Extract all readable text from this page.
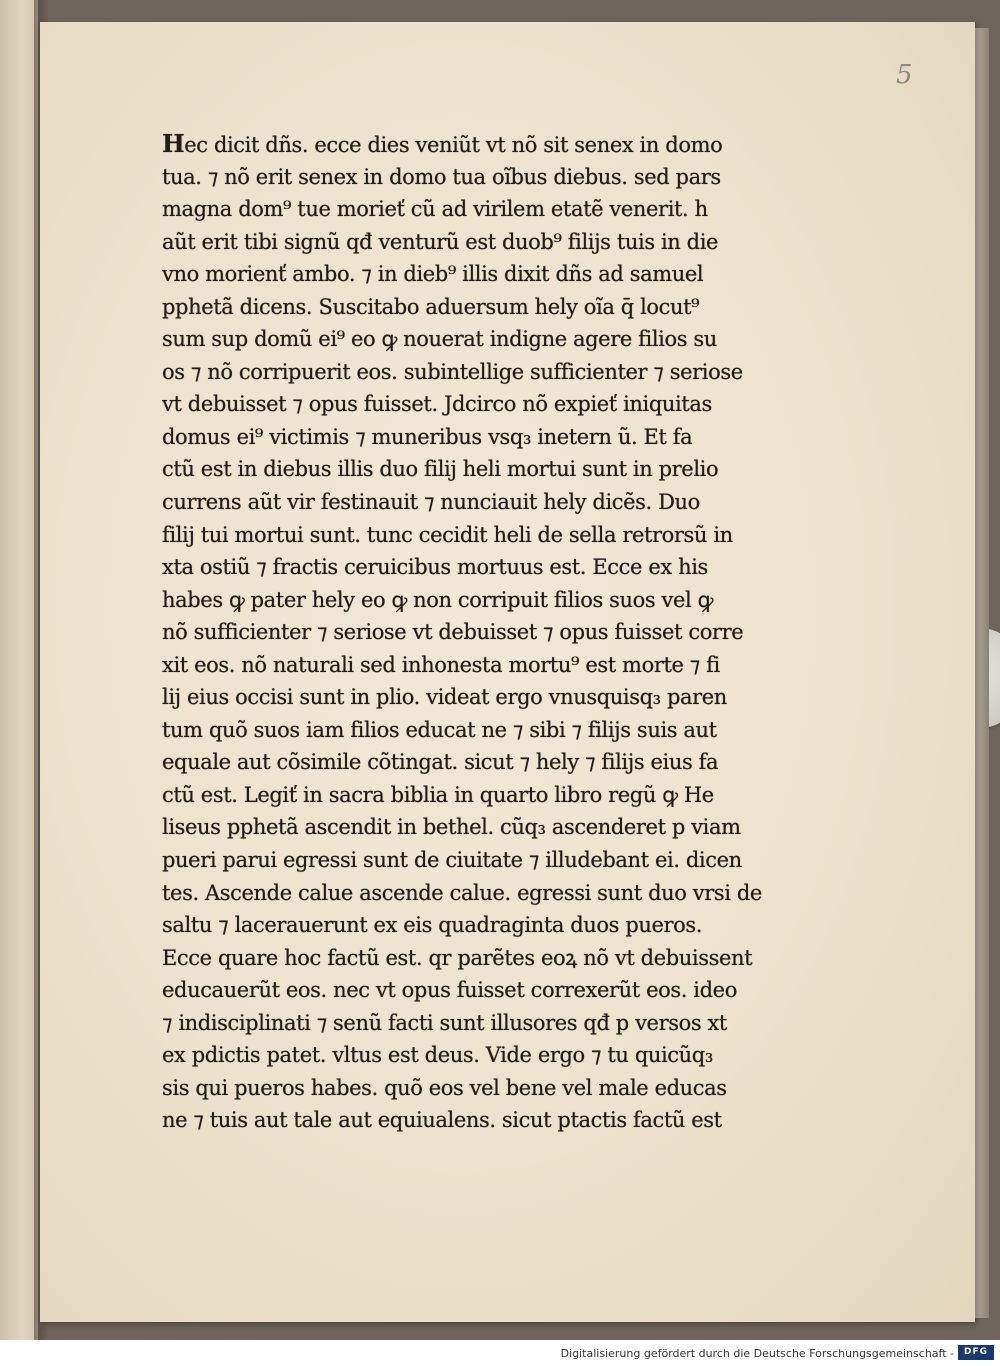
5
Hec dicit dñs. ecce dies veniũt vt nõ sit senex in domo
tua. ⁊ nõ erit senex in domo tua oĩbus diebus. sed pars
magna dom⁹ tue morieť cũ ad virilem etatẽ venerit. h
aũt erit tibi signũ qđ venturũ est duob⁹ filijs tuis in die
vno morienť ambo. ⁊ in dieb⁹ illis dixit dñs ad samuel
pphetã dicens. Suscitabo aduersum hely oĩa q̄ locut⁹
sum sup domũ ei⁹ eo ꝙ nouerat indigne agere filios su
os ⁊ nõ corripuerit eos. subintellige sufficienter ⁊ seriose
vt debuisset ⁊ opus fuisset. Jdcirco nõ expieť iniquitas
domus ei⁹ victimis ⁊ muneribus vsq₃ inetern ũ. Et fa
ctũ est in diebus illis duo filij heli mortui sunt in prelio
currens aũt vir festinauit ⁊ nunciauit hely dicẽs. Duo
filij tui mortui sunt. tunc cecidit heli de sella retrorsũ in
xta ostiũ ⁊ fractis ceruicibus mortuus est. Ecce ex his
habes ꝙ pater hely eo ꝙ non corripuit filios suos vel ꝙ
nõ sufficienter ⁊ seriose vt debuisset ⁊ opus fuisset corre
xit eos. nõ naturali sed inhonesta mortu⁹ est morte ⁊ fi
lij eius occisi sunt in plio. videat ergo vnusquisq₃ paren
tum quõ suos iam filios educat ne ⁊ sibi ⁊ filijs suis aut
equale aut cõsimile cõtingat. sicut ⁊ hely ⁊ filijs eius fa
ctũ est. Legiť in sacra biblia in quarto libro regũ ꝙ He
liseus pphetã ascendit in bethel. cũq₃ ascenderet p viam
pueri parui egressi sunt de ciuitate ⁊ illudebant ei. dicen
tes. Ascende calue ascende calue. egressi sunt duo vrsi de
saltu ⁊ lacerauerunt ex eis quadraginta duos pueros.
Ecce quare hoc factũ est. qr parẽtes eoꝝ nõ vt debuissent
educauerũt eos. nec vt opus fuisset correxerũt eos. ideo
⁊ indisciplinati ⁊ senũ facti sunt illusores qđ p versos xt
ex pdictis patet. vltus est deus. Vide ergo ⁊ tu quicũq₃
sis qui pueros habes. quõ eos vel bene vel male educas
ne ⁊ tuis aut tale aut equiualens. sicut ptactis factũ est
Digitalisierung gefördert durch die Deutsche Forschungsgemeinschaft -	DFG
